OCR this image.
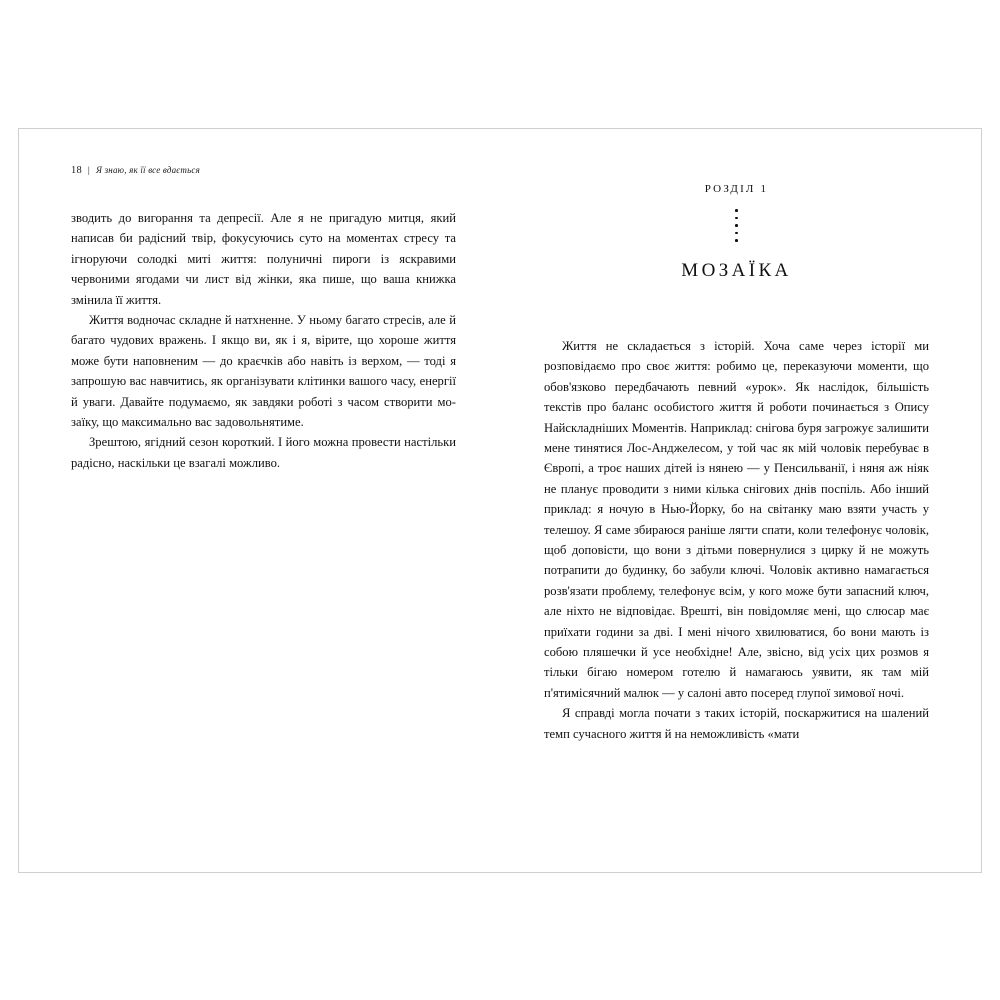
18 | Я знаю, як її все вдається

зводить до вигорання та депресії. Але я не пригадую митця, який написав би радісний твір, фокусуючись суто на моментах стресу та ігноруючи солодкі миті життя: полуничні пироги із яскравими червоними ягодами чи лист від жінки, яка пише, що ваша книжка змінила її життя.

Життя водночас складне й натхненне. У ньому багато стресів, але й багато чудових вражень. І якщо ви, як і я, вірите, що хороше життя може бути наповненим — до краєчків або навіть із верхом, — тоді я запрошую вас навчитись, як організувати клітинки вашого часу, енергії й уваги. Давайте подумаємо, як завдяки роботі з часом створити мозаїку, що максимально вас задовольнятиме.

Зрештою, ягідний сезон короткий. І його можна провести настільки радісно, наскільки це взагалі можливо.

РОЗДІЛ 1
МОЗАЇКА

Життя не складається з історій. Хоча саме через історії ми розповідаємо про своє життя: робимо це, переказуючи моменти, що обов'язково передбачають певний «урок». Як наслідок, більшість текстів про баланс особистого життя й роботи починається з Опису Найскладніших Моментів. Наприклад: снігова буря загрожує залишити мене тинятися Лос-Анджелесом, у той час як мій чоловік перебуває в Європі, а троє наших дітей із нянею — у Пенсильванії, і няня аж ніяк не планує проводити з ними кілька снігових днів поспіль. Або інший приклад: я ночую в Нью-Йорку, бо на світанку маю взяти участь у телешоу. Я саме збираюся раніше лягти спати, коли телефонує чоловік, щоб доповісти, що вони з дітьми повернулися з цирку й не можуть потрапити до будинку, бо забули ключі. Чоловік активно намагається розв'язати проблему, телефонує всім, у кого може бути запасний ключ, але ніхто не відповідає. Врешті, він повідомляє мені, що слюсар має приїхати години за дві. І мені нічого хвилюватися, бо вони мають із собою пляшечки й усе необхідне! Але, звісно, від усіх цих розмов я тільки бігаю номером готелю й намагаюсь уявити, як там мій п'ятимісячний малюк — у салоні авто посеред глупої зимової ночі.

Я справді могла почати з таких історій, поскаржитися на шалений темп сучасного життя й на неможливість «мати
